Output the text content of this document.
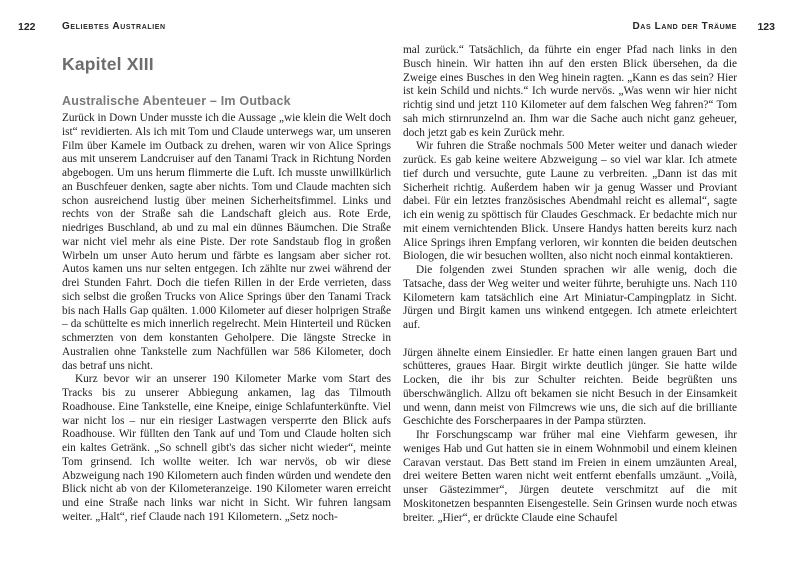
122	Geliebtes Australien
Kapitel XIII
Australische Abenteuer – Im Outback

Zurück in Down Under musste ich die Aussage „wie klein die Welt doch ist“ revidierten. Als ich mit Tom und Claude unterwegs war, um unseren Film über Kamele im Outback zu drehen, waren wir von Alice Springs aus mit unserem Landcruiser auf den Tanami Track in Richtung Norden abgebogen. Um uns herum flimmerte die Luft. Ich musste unwillkürlich an Buschfeuer denken, sagte aber nichts. Tom und Claude machten sich schon ausreichend lustig über meinen Sicherheitsfimmel. Links und rechts von der Straße sah die Landschaft gleich aus. Rote Erde, niedriges Buschland, ab und zu mal ein dünnes Bäumchen. Die Straße war nicht viel mehr als eine Piste. Der rote Sandstaub flog in großen Wirbeln um unser Auto herum und färbte es langsam aber sicher rot. Autos kamen uns nur selten entgegen. Ich zählte nur zwei während der drei Stunden Fahrt. Doch die tiefen Rillen in der Erde verrieten, dass sich selbst die großen Trucks von Alice Springs über den Tanami Track bis nach Halls Gap quälten. 1.000 Kilometer auf dieser holprigen Straße – da schüttelte es mich innerlich regelrecht. Mein Hinterteil und Rücken schmerzten von dem konstanten Geholpere. Die längste Strecke in Australien ohne Tankstelle zum Nachfüllen war 586 Kilometer, doch das betraf uns nicht.

Kurz bevor wir an unserer 190 Kilometer Marke vom Start des Tracks bis zu unserer Abbiegung ankamen, lag das Tilmouth Roadhouse. Eine Tankstelle, eine Kneipe, einige Schlafunterkünfte. Viel war nicht los – nur ein riesiger Lastwagen versperrte den Blick aufs Roadhouse. Wir füllten den Tank auf und Tom und Claude holten sich ein kaltes Getränk. „So schnell gibt's das sicher nicht wieder“, meinte Tom grinsend. Ich wollte weiter. Ich war nervös, ob wir diese Abzweigung nach 190 Kilometern auch finden würden und wendete den Blick nicht ab von der Kilometeranzeige. 190 Kilometer waren erreicht und eine Straße nach links war nicht in Sicht. Wir fuhren langsam weiter. „Halt“, rief Claude nach 191 Kilometern. „Setz noch-

Das Land der Träume 123

mal zurück.“ Tatsächlich, da führte ein enger Pfad nach links in den Busch hinein. Wir hatten ihn auf den ersten Blick übersehen, da die Zweige eines Busches in den Weg hinein ragten. „Kann es das sein? Hier ist kein Schild und nichts.“ Ich wurde nervös. „Was wenn wir hier nicht richtig sind und jetzt 110 Kilometer auf dem falschen Weg fahren?“ Tom sah mich stirnrunzelnd an. Ihm war die Sache auch nicht ganz geheuer, doch jetzt gab es kein Zurück mehr.

Wir fuhren die Straße nochmals 500 Meter weiter und danach wieder zurück. Es gab keine weitere Abzweigung – so viel war klar. Ich atmete tief durch und versuchte, gute Laune zu verbreiten. „Dann ist das mit Sicherheit richtig. Außerdem haben wir ja genug Wasser und Proviant dabei. Für ein letztes französisches Abendmahl reicht es allemal“, sagte ich ein wenig zu spöttisch für Claudes Geschmack. Er bedachte mich nur mit einem vernichtenden Blick. Unsere Handys hatten bereits kurz nach Alice Springs ihren Empfang verloren, wir konnten die beiden deutschen Biologen, die wir besuchen wollten, also nicht noch einmal kontaktieren.

Die folgenden zwei Stunden sprachen wir alle wenig, doch die Tatsache, dass der Weg weiter und weiter führte, beruhigte uns. Nach 110 Kilometern kam tatsächlich eine Art Miniatur-Campingplatz in Sicht. Jürgen und Birgit kamen uns winkend entgegen. Ich atmete erleichtert auf.

Jürgen ähnelte einem Einsiedler. Er hatte einen langen grauen Bart und schütteres, graues Haar. Birgit wirkte deutlich jünger. Sie hatte wilde Locken, die ihr bis zur Schulter reichten. Beide begrüßten uns überschwänglich. Allzu oft bekamen sie nicht Besuch in der Einsamkeit und wenn, dann meist von Filmcrews wie uns, die sich auf die brilliante Geschichte des Forscherpaares in der Pampa stürzten.

Ihr Forschungscamp war früher mal eine Viehfarm gewesen, ihr weniges Hab und Gut hatten sie in einem Wohnmobil und einem kleinen Caravan verstaut. Das Bett stand im Freien in einem umzäunten Areal, drei weitere Betten waren nicht weit entfernt ebenfalls umzäunt. „Voilà, unser Gästezimmer“, Jürgen deutete verschmitzt auf die mit Moskitonetzen bespannten Eisengestelle. Sein Grinsen wurde noch etwas breiter. „Hier“, er drückte Claude eine Schaufel
